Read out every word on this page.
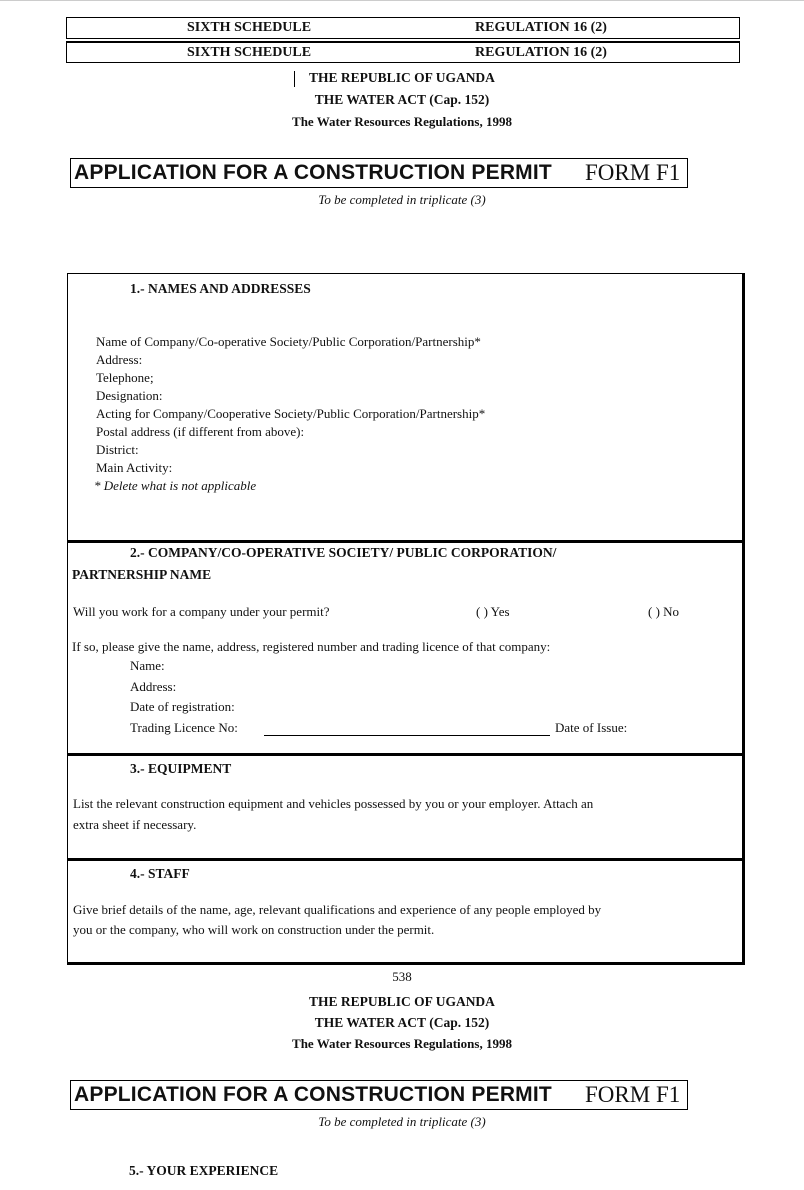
SIXTH SCHEDULE	REGULATION 16 (2)
SIXTH SCHEDULE	REGULATION 16 (2)
THE REPUBLIC OF UGANDA
THE WATER ACT (Cap. 152)
The Water Resources Regulations, 1998
APPLICATION FOR A CONSTRUCTION PERMIT FORM F1
To be completed in triplicate (3)
1.- NAMES AND ADDRESSES
Name of Company/Co-operative Society/Public Corporation/Partnership*
Address:
Telephone;
Designation:
Acting for Company/Cooperative Society/Public Corporation/Partnership*
Postal address (if different from above):
District:
Main Activity:
* Delete what is not applicable
2.- COMPANY/CO-OPERATIVE SOCIETY/ PUBLIC CORPORATION/
PARTNERSHIP NAME
Will you work for a company under your permit?	( ) Yes	( ) No
If so, please give the name, address, registered number and trading licence of that company:
Name:
Address:
Date of registration:
Trading Licence No:	Date of Issue:
3.- EQUIPMENT
List the relevant construction equipment and vehicles possessed by you or your employer. Attach an
extra sheet if necessary.
4.- STAFF
Give brief details of the name, age, relevant qualifications and experience of any people employed by
you or the company, who will work on construction under the permit.
538
THE REPUBLIC OF UGANDA
THE WATER ACT (Cap. 152)
The Water Resources Regulations, 1998
APPLICATION FOR A CONSTRUCTION PERMIT FORM F1
To be completed in triplicate (3)
5.- YOUR EXPERIENCE
